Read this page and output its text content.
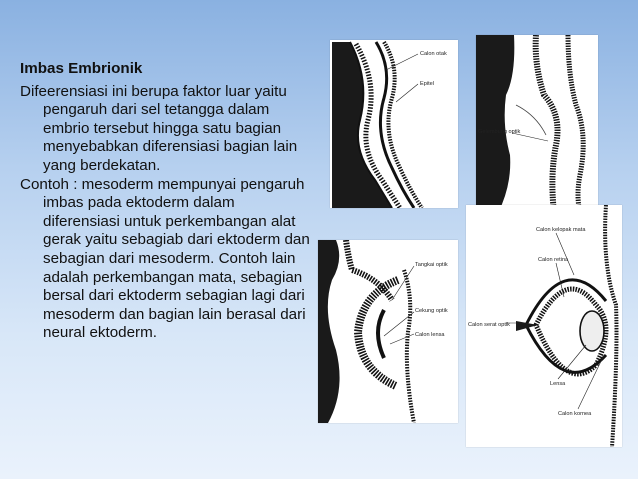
Imbas Embrionik

Difeerensiasi ini berupa faktor luar yaitu pengaruh dari sel tetangga dalam embrio tersebut hingga satu bagian menyebabkan diferensiasi bagian lain yang berdekatan.

Contoh : mesoderm mempunyai pengaruh imbas pada ektoderm dalam diferensiasi untuk perkembangan alat gerak yaitu sebagiab dari ektoderm dan sebagian dari mesoderm. Contoh lain adalah perkembangan mata, sebagian bersal dari ektoderm sebagian lagi dari mesoderm dan bagian lain berasal dari neural ektoderm.

Calon otak
Epitel
Gelembung optik
Tangkai optik
Cekung optik
Calon lensa
Calon kelopak mata
Calon retina
Calon serat optik
Lensa
Calon kornea
